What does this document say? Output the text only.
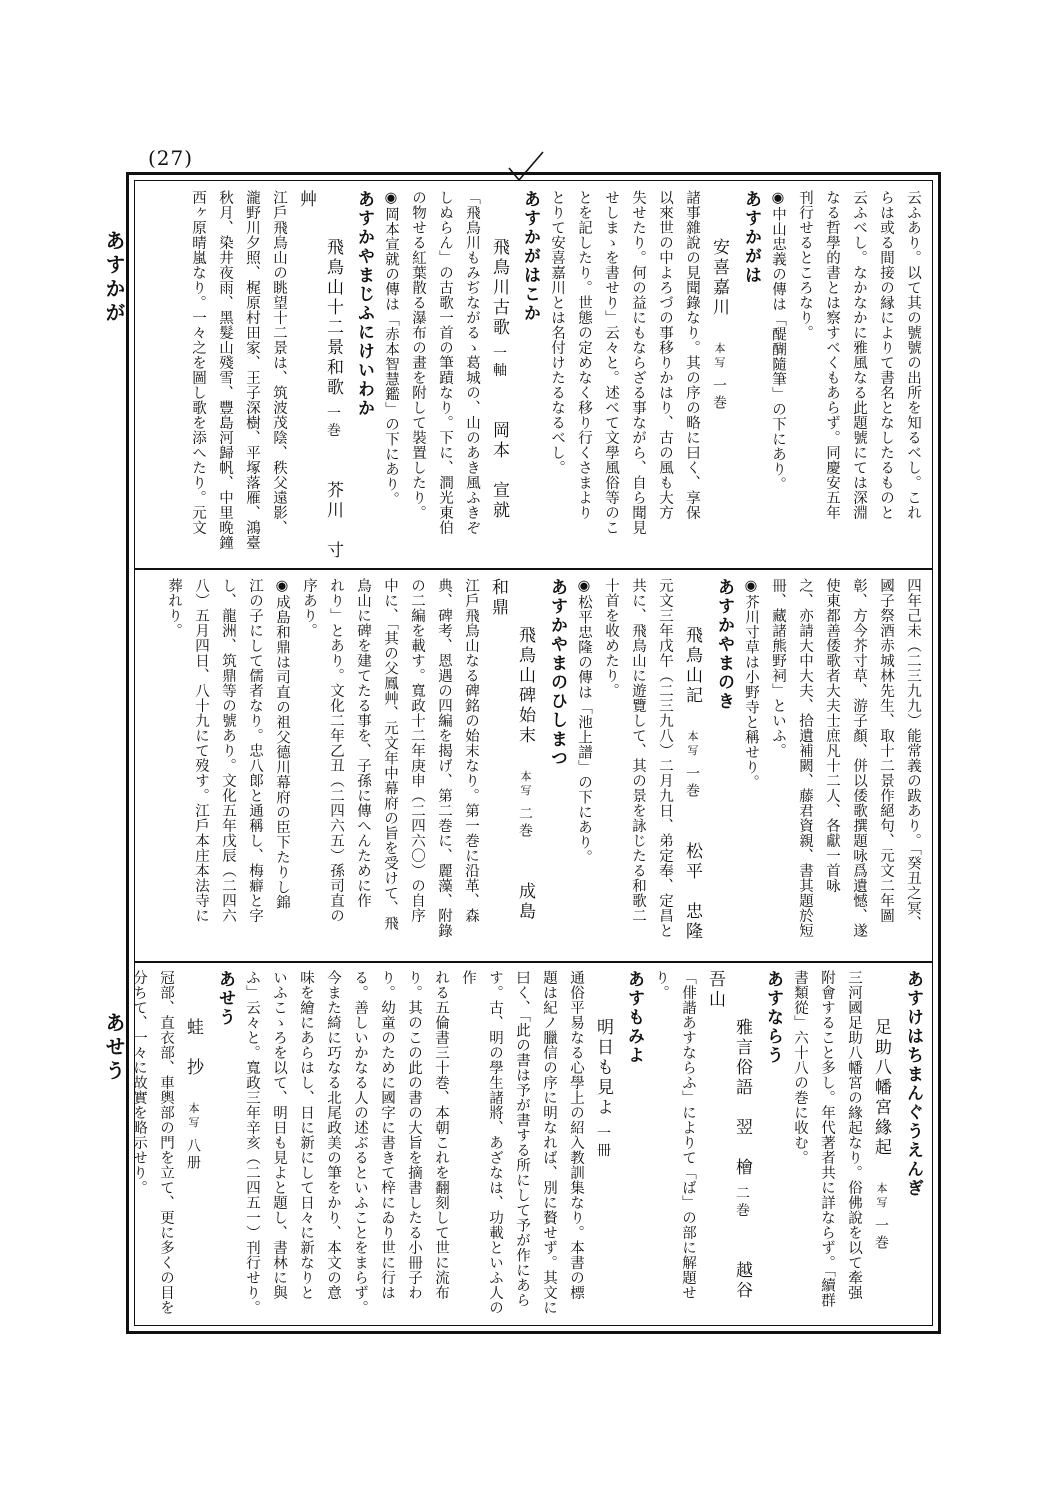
(27)
あすかが
あせう

云ふあり。以て其の號號の出所を知るべし。これ

らは或る間接の縁によりて書名となしたるものと

云ふべし。なかなかに雅風なる此題號にては深淵

なる哲學的書とは察すべくもあらず。同慶安五年

刊行せるところなり。

◉中山忠義の傳は「醍醐隨筆」の下にあり。

あすかがは
安喜嘉川 本写 一巻

諸事雜說の見聞錄なり。其の序の略に曰く、享保

以來世の中よろづの事移りかはり、古の風も大方

失せたり。何の益にもならざる事ながら、自ら聞見

せしまゝを書せり」云々と。述べて文學風俗等のこ

とを記したり。世態の定めなく移り行くさまより

とりて安喜嘉川とは名付けたるなるべし。

あすかがはこか
飛鳥川古歌 一軸　岡本　宣就

「飛鳥川もみぢながるゝ葛城の、山のあき風ふきぞ

しぬらん」の古歌一首の筆蹟なり。下に、澗光東伯

の物せる紅葉散る瀑布の畫を附して裝置したり。

◉岡本宣就の傳は「赤本智慧鑑」の下にあり。

あすかやまじふにけいわか
飛鳥山十二景和歌 一巻　芥川　寸艸

江戶飛鳥山の眺望十二景は、筑波茂陰、秩父遠影、

瀧野川夕照、梶原村田家、王子深樹、平塚落雁、鴻臺

秋月、染井夜雨、黑髮山殘雪、豐島河歸帆、中里晚鐘

西ヶ原晴嵐なり。一々之を圖し歌を添へたり。元文

四年己未（二三九九）能常義の跋あり。「癸丑之冥、

國子祭酒赤城林先生、取十二景作絕句、元文二年圖

彰、方今芥寸草、游子顏、併以倭歌撰題咏爲遺憾、遂

使東都善倭歌者大夫士庶凡十二人、各獻一首咏

之、亦請大中大夫、拾遺補闕、藤君資親、書其題於短

冊、藏諸熊野祠」といふ。

◉芥川寸草は小野寺と稱せり。

あすかやまのき
飛鳥山記 本写 一巻　松平　忠隆

元文三年戊午（二三九八）二月九日、弟定奉、定昌と

共に、飛鳥山に遊覽して、其の景を詠じたる和歌二

十首を收めたり。

◉松平忠隆の傳は「池上譜」の下にあり。

あすかやまのひしまつ
飛鳥山碑始末 本写 二巻　成島　和鼎

江戶飛鳥山なる碑銘の始末なり。第一巻に沿革、森

典、碑考、恩遇の四編を揭げ、第二巻に、麗藻、附錄

の二編を載す。寬政十二年庚申（二四六〇）の自序

中に、「其の父鳳艸、元文年中幕府の旨を受けて、飛

鳥山に碑を建てたる事を、子孫に傳へんために作

れり」とあり。文化二年乙丑（二四六五）孫司直の

序あり。

◉成島和鼎は司直の祖父德川幕府の臣下たりし錦

江の子にして儒者なり。忠八郞と通稱し、梅癖と字

し、龍洲、筑鼎等の號あり。文化五年戊辰（二四六

八）五月四日、八十九にて歿す。江戶本庄本法寺に

葬れり。

あすけはちまんぐうえんぎ
足助八幡宮緣起 本写 一巻

三河國足助八幡宮の緣起なり。俗佛說を以て牽强

附會すること多し。年代著者共に詳ならず。「續群

書類從」六十八の巻に收む。

あすならう
雅言俗語　翌　檜 二巻　越谷　吾山

「俳諧あすならふ」によりて「ば」の部に解題せり。

あすもみよ
明日も見よ 一冊

通俗平易なる心學上の紹入教訓集なり。本書の標

題は紀ノ臘信の序に明なれば、別に贅せず。其文に

曰く、「此の書は予が書する所にして予が作にあら

す。古、明の學生諸將、あざなは、功載といふ人の作

れる五倫書三十巻、本朝これを翻刻して世に流布

り。其のこの此の書の大旨を摘書したる小冊子わ

り。幼童のために國字に書きて梓にゐり世に行は

る。善しいかなる人の述ぶるといふことをまらず。

今また綺に巧なる北尾政美の筆をかり、本文の意

味を繪にあらはし、日に新にして日々に新なりと

いふこゝろを以て、明日も見よと題し、書林に與

ふ」云々と。寬政三年辛亥（二四五一）刊行せり。

あせう
蛙　抄 本写 八册

冠部、直衣部、車輿部の門を立て、更に多くの目を

分ちて、一々に故實を略示せり。
